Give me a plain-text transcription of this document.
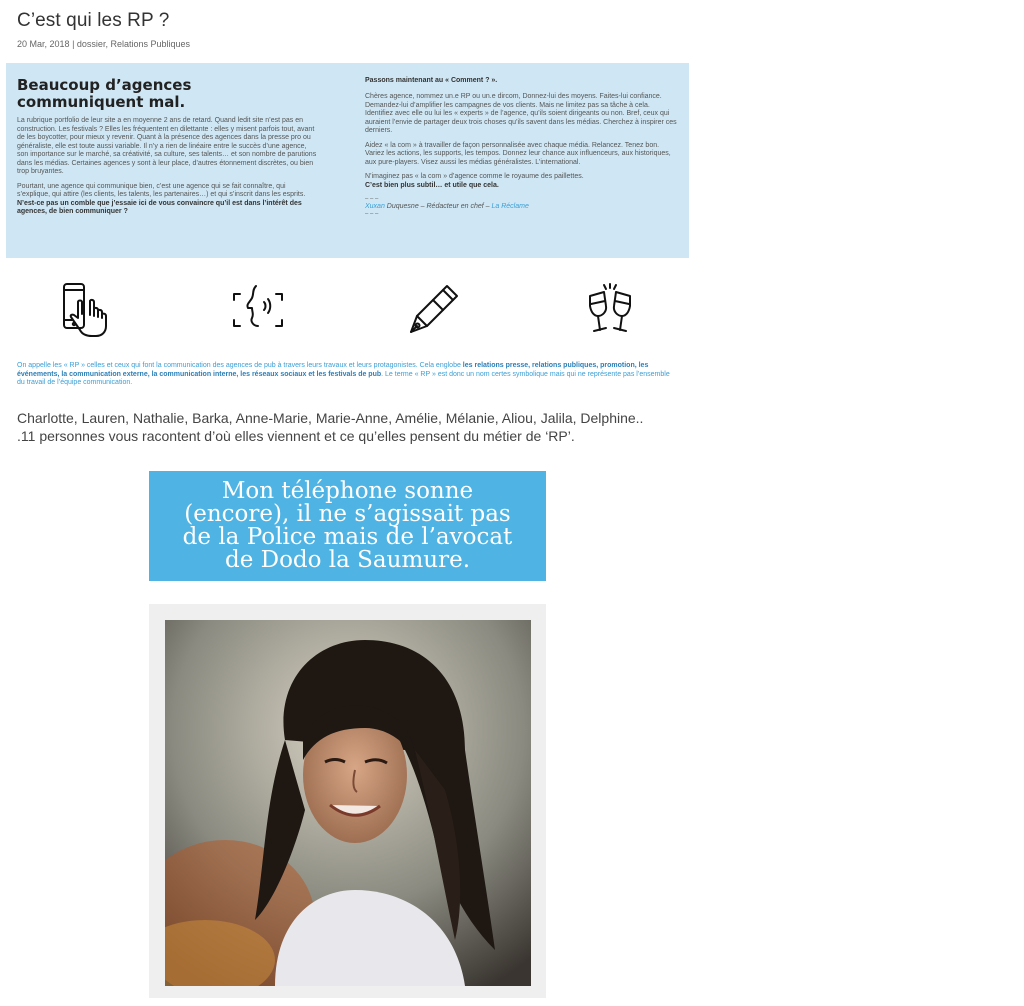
C’est qui les RP ?
20 Mar, 2018 | dossier, Relations Publiques
Beaucoup d’agences communiquent mal.

La rubrique portfolio de leur site a en moyenne 2 ans de retard. Quand ledit site n’est pas en construction. Les festivals ? Elles les fréquentent en dilettante : elles y misent parfois tout, avant de les boycotter, pour mieux y revenir. Quant à la présence des agences dans la presse pro ou généraliste, elle est toute aussi variable. Il n’y a rien de linéaire entre le succès d’une agence, son importance sur le marché, sa créativité, sa culture, ses talents… et son nombre de parutions dans les médias. Certaines agences y sont à leur place, d’autres étonnement discrètes, ou bien trop bruyantes.

Pourtant, une agence qui communique bien, c’est une agence qui se fait connaître, qui s’explique, qui attire (les clients, les talents, les partenaires…) et qui s’inscrit dans les esprits.
N’est-ce pas un comble que j’essaie ici de vous convaincre qu’il est dans l’intérêt des agences, de bien communiquer ?

Passons maintenant au « Comment ? ».

Chères agence, nommez un.e RP ou un.e dircom, Donnez-lui des moyens. Faites-lui confiance. Demandez-lui d’amplifier les campagnes de vos clients. Mais ne limitez pas sa tâche à cela. Identifiez avec elle ou lui les « experts » de l’agence, qu’ils soient dirigeants ou non. Bref, ceux qui auraient l’envie de partager deux trois choses qu’ils savent dans les médias. Cherchez à inspirer ces derniers.

Aidez « la com » à travailler de façon personnalisée avec chaque média. Relancez. Tenez bon. Variez les actions, les supports, les tempos. Donnez leur chance aux influenceurs, aux historiques, aux pure-players. Visez aussi les médias généralistes. L’international.

N’imaginez pas « la com » d’agence comme le royaume des paillettes.
C’est bien plus subtil… et utile que cela.

– – –
Xuxan Duquesne – Rédacteur en chef – La Réclame
– – –
On appelle les « RP » celles et ceux qui font la communication des agences de pub à travers leurs travaux et leurs protagonistes. Cela englobe les relations presse, relations publiques, promotion, les événements, la communication externe, la communication interne, les réseaux sociaux et les festivals de pub. Le terme « RP » est donc un nom certes symbolique mais qui ne représente pas l’ensemble du travail de l’équipe communication.
Charlotte, Lauren, Nathalie, Barka, Anne-Marie, Marie-Anne, Amélie, Mélanie, Aliou, Jalila, Delphine..
.11 personnes vous racontent d’où elles viennent et ce qu’elles pensent du métier de ‘RP’.
Mon téléphone sonne (encore), il ne s’agissait pas de la Police mais de l’avocat de Dodo la Saumure.
